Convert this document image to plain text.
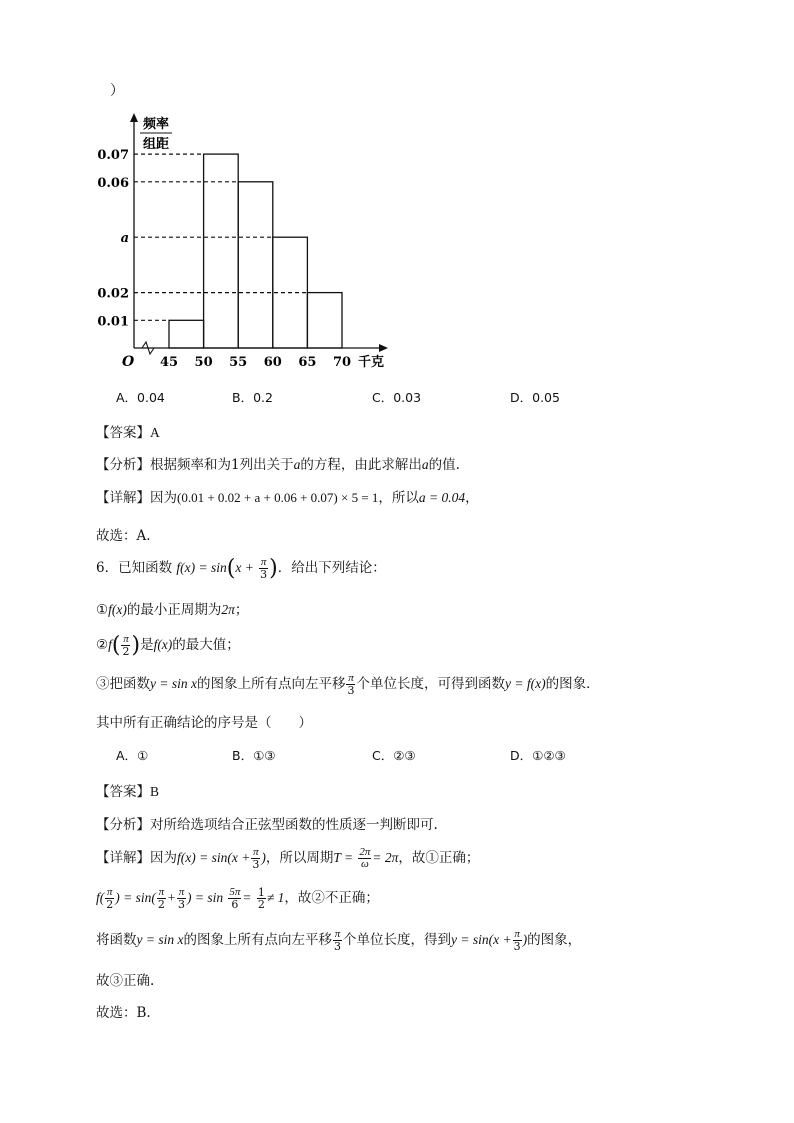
）
0.07
0.06
a
0.02
0.01
45 50 55 60 65 70 千克
O
频率
组距
A．0.04	B．0.2	C．0.03	D．0.05
【答案】A
【分析】根据频率和为1列出关于a的方程，由此求解出a的值.
【详解】因为(0.01 + 0.02 + a + 0.06 + 0.07) × 5 = 1，所以a = 0.04，
故选：A.
6．已知函数 $f(x) = \sin(x + \frac{\pi}{3}$ )．给出下列结论：
①f(x)的最小正周期为2π；
②f( $\frac{\pi}{2}$ )是f(x)的最大值；
③把函数y = sin x的图象上所有点向左平移 $\frac{\pi}{3}$ 个单位长度，可得到函数y = f(x)的图象．
其中所有正确结论的序号是（　　）
A．①	B．①③	C．②③	D．①②③
【答案】B
【分析】对所给选项结合正弦型函数的性质逐一判断即可.
【详解】因为$f(x) = \sin(x + \frac{\pi}{3}$ )，所以周期$T = \frac{2\pi}{\omega} = 2\pi$，故①正确；
$f( \frac{\pi}{2}$ ) = $\sin( \frac{\pi}{2} + \frac{\pi}{3}$ ) = $\sin \frac{5\pi}{6} = \frac{1}{2} \ne 1$，故②不正确；
将函数y = sin x的图象上所有点向左平移 $\frac{\pi}{3}$ 个单位长度，得到$y = \sin(x + \frac{\pi}{3}$ )的图象，
故③正确.
故选：B.
